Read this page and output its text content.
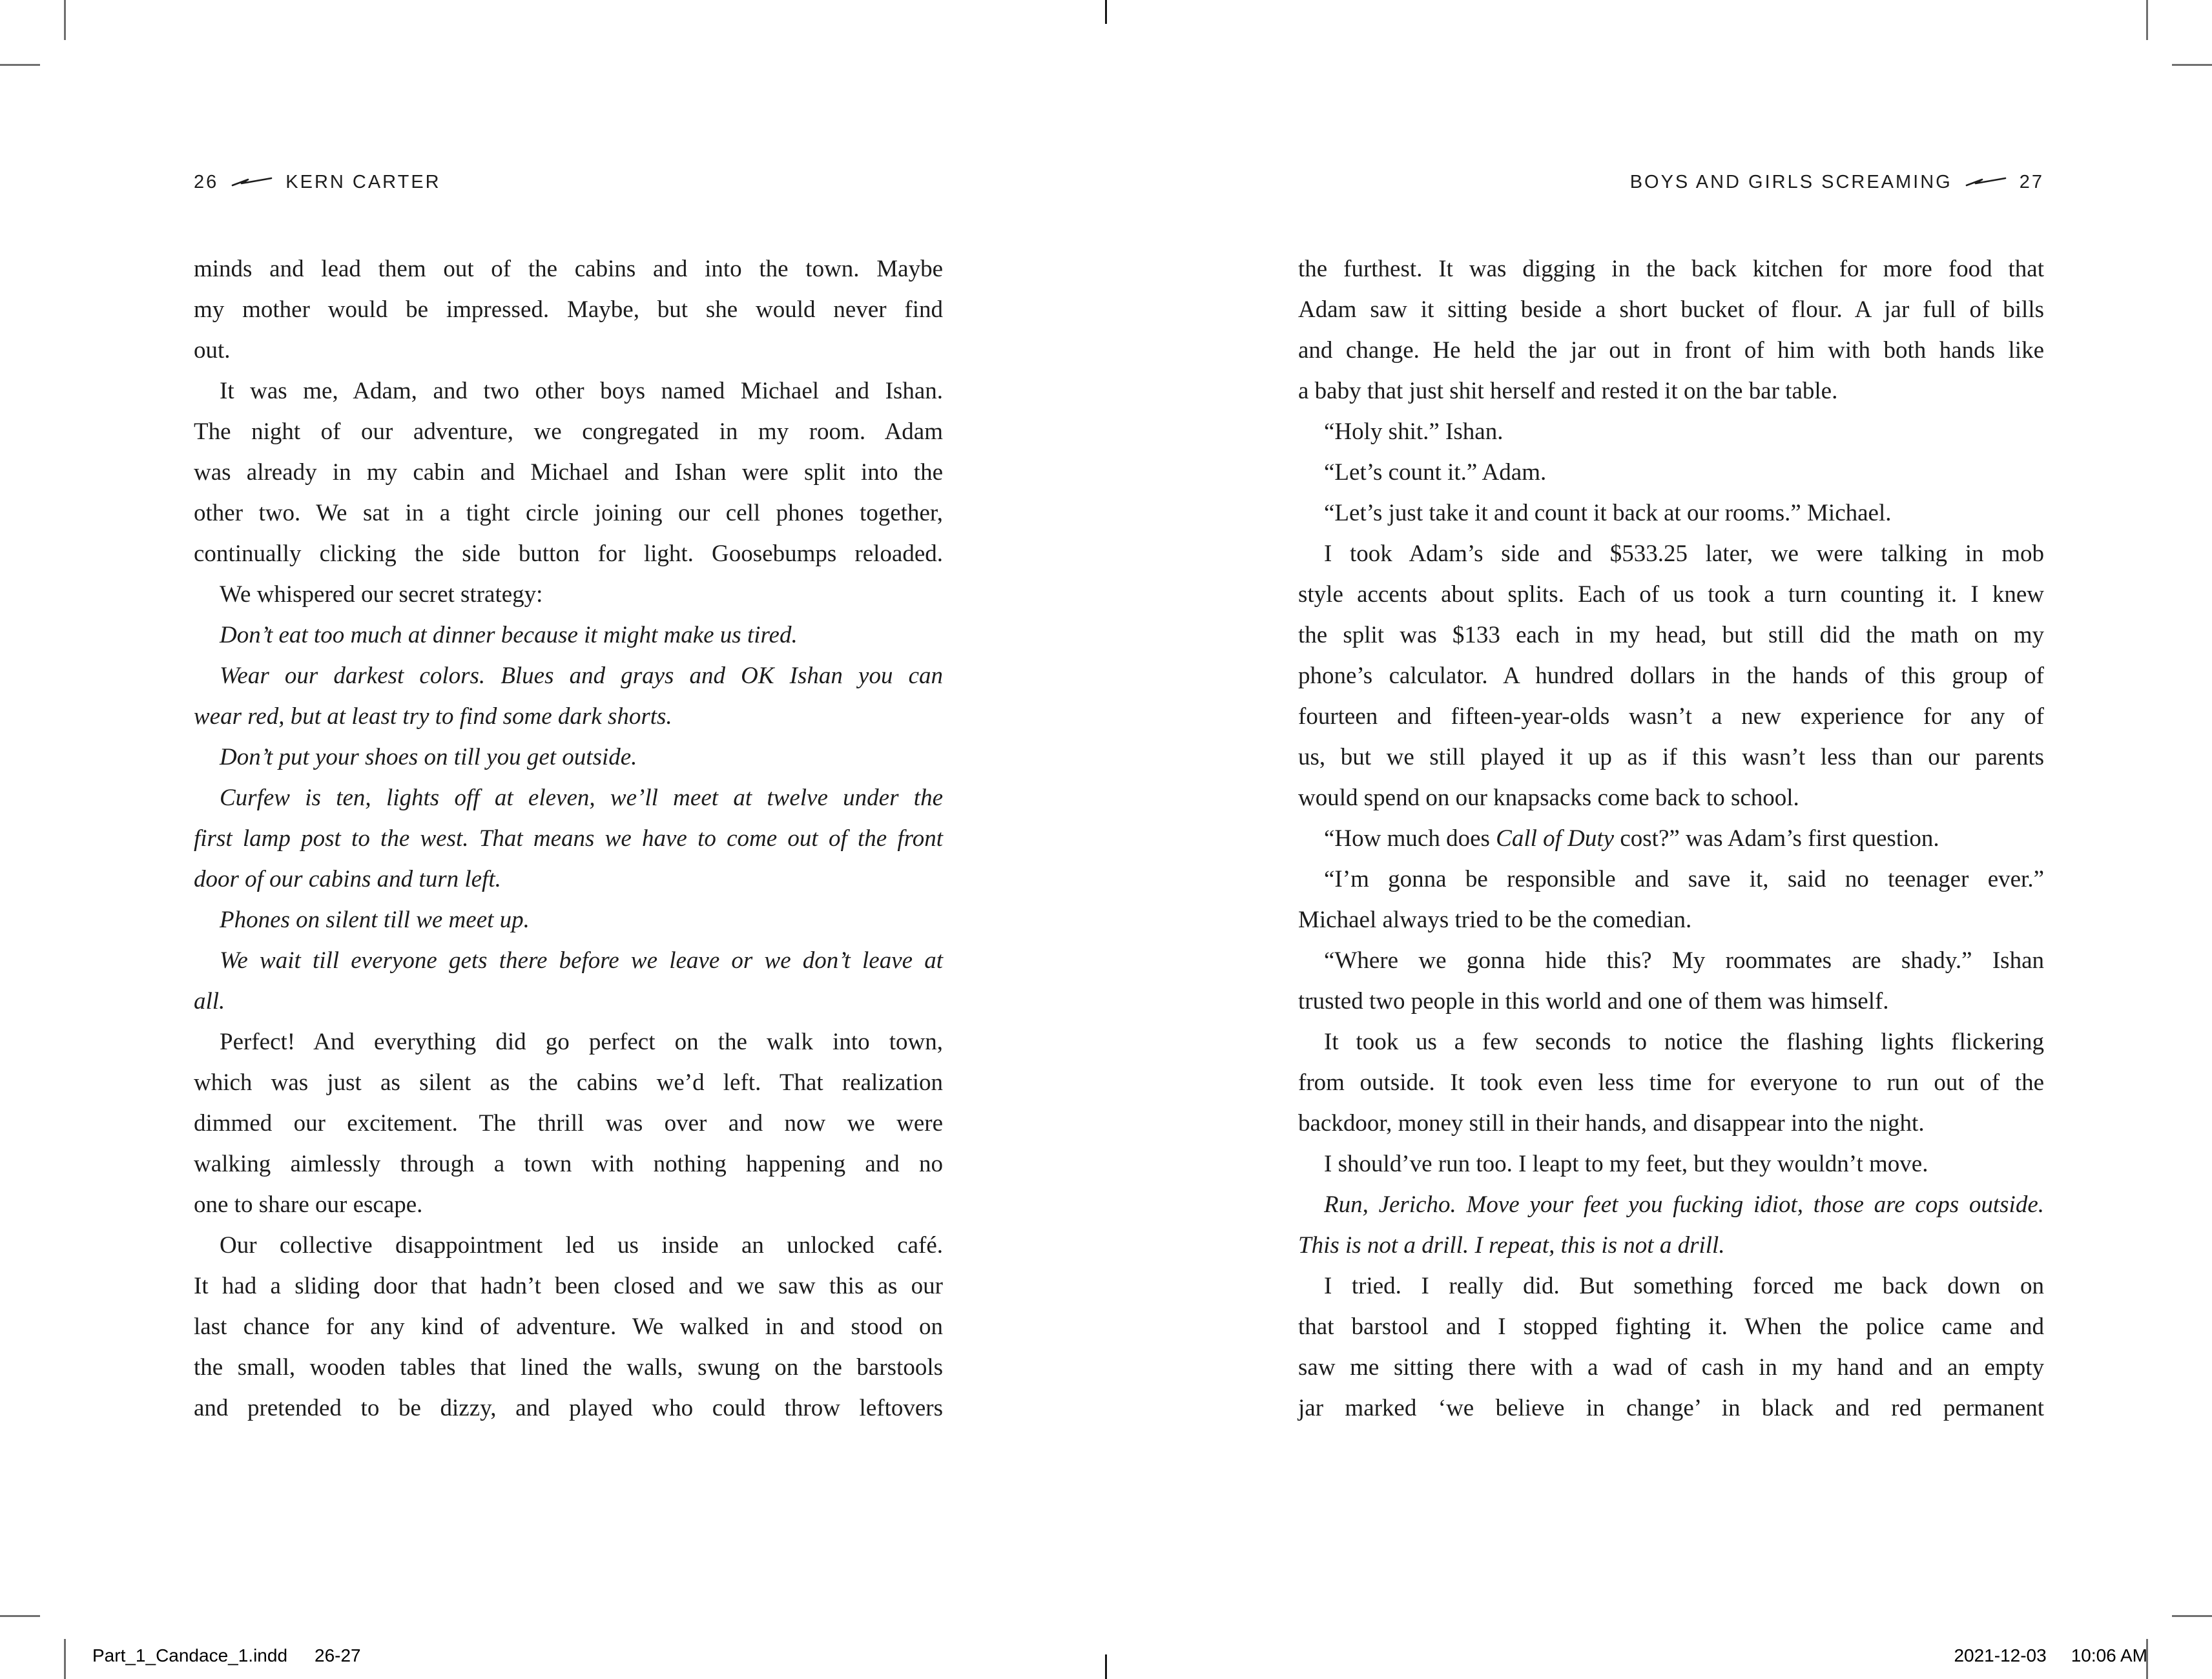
26	KERN CARTER
minds and lead them out of the cabins and into the town. Maybe
my mother would be impressed. Maybe, but she would never find
out.
It was me, Adam, and two other boys named Michael and Ishan.
The night of our adventure, we congregated in my room. Adam
was already in my cabin and Michael and Ishan were split into the
other two. We sat in a tight circle joining our cell phones together,
continually clicking the side button for light. Goosebumps reloaded.
We whispered our secret strategy:
Don’t eat too much at dinner because it might make us tired.
Wear our darkest colors. Blues and grays and OK Ishan you can
wear red, but at least try to find some dark shorts.
Don’t put your shoes on till you get outside.
Curfew is ten, lights off at eleven, we’ll meet at twelve under the
first lamp post to the west. That means we have to come out of the front
door of our cabins and turn left.
Phones on silent till we meet up.
We wait till everyone gets there before we leave or we don’t leave at
all.
Perfect! And everything did go perfect on the walk into town,
which was just as silent as the cabins we’d left. That realization
dimmed our excitement. The thrill was over and now we were
walking aimlessly through a town with nothing happening and no
one to share our escape.
Our collective disappointment led us inside an unlocked café.
It had a sliding door that hadn’t been closed and we saw this as our
last chance for any kind of adventure. We walked in and stood on
the small, wooden tables that lined the walls, swung on the barstools
and pretended to be dizzy, and played who could throw leftovers
BOYS AND GIRLS SCREAMING	27
the furthest. It was digging in the back kitchen for more food that
Adam saw it sitting beside a short bucket of flour. A jar full of bills
and change. He held the jar out in front of him with both hands like
a baby that just shit herself and rested it on the bar table.
“Holy shit.” Ishan.
“Let’s count it.” Adam.
“Let’s just take it and count it back at our rooms.” Michael.
I took Adam’s side and $533.25 later, we were talking in mob
style accents about splits. Each of us took a turn counting it. I knew
the split was $133 each in my head, but still did the math on my
phone’s calculator. A hundred dollars in the hands of this group of
fourteen and fifteen-year-olds wasn’t a new experience for any of
us, but we still played it up as if this wasn’t less than our parents
would spend on our knapsacks come back to school.
“How much does Call of Duty cost?” was Adam’s first question.
“I’m gonna be responsible and save it, said no teenager ever.”
Michael always tried to be the comedian.
“Where we gonna hide this? My roommates are shady.” Ishan
trusted two people in this world and one of them was himself.
It took us a few seconds to notice the flashing lights flickering
from outside. It took even less time for everyone to run out of the
backdoor, money still in their hands, and disappear into the night.
I should’ve run too. I leapt to my feet, but they wouldn’t move.
Run, Jericho. Move your feet you fucking idiot, those are cops outside.
This is not a drill. I repeat, this is not a drill.
I tried. I really did. But something forced me back down on
that barstool and I stopped fighting it. When the police came and
saw me sitting there with a wad of cash in my hand and an empty
jar marked ‘we believe in change’ in black and red permanent
Part_1_Candace_1.indd 26-27	2021-12-03 10:06 AM
